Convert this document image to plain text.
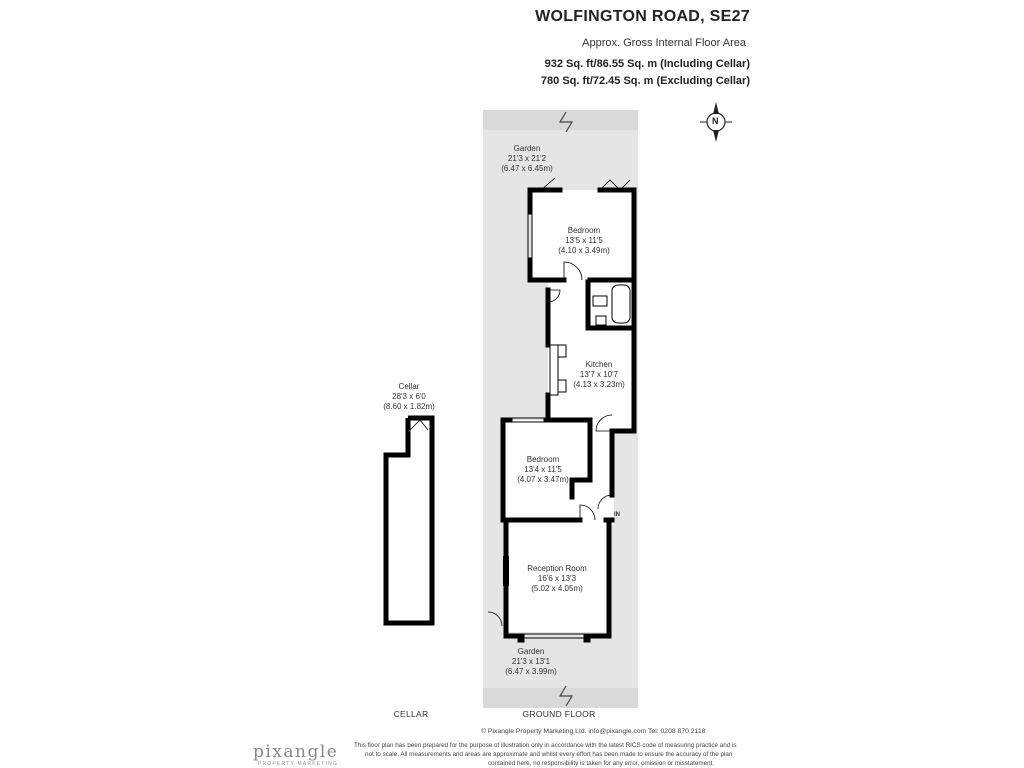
WOLFINGTON ROAD, SE27
Approx. Gross Internal Floor Area
932 Sq. ft/86.55 Sq. m (Including Cellar)
780 Sq. ft/72.45 Sq. m (Excluding Cellar)
N
Garden
21'3 x 21'2
(6.47 x 6.45m)
Bedroom
13'5 x 11'5
(4.10 x 3.49m)
Kitchen
13'7 x 10'7
(4.13 x 3.23m)
Bedroom
13'4 x 11'5
(4.07 x 3.47m)
Reception Room
16'6 x 13'3
(5.02 x 4.05m)
Garden
21'3 x 13'1
(6.47 x 3.99m)
Cellar
28'3 x 6'0
(8.60 x 1.82m)
IN
CELLAR	GROUND FLOOR
© Pixangle Property Marketing Ltd. info@pixangle.com Tel: 0208 870 2118
This floor plan has been prepared for the purpose of illustration only in accordance with the latest RICS code of measuring practice and is
not to scale. All measurements and areas are approximate and whilst every effort has been made to ensure the accuracy of the plan
contained here, no responsibility is taken for any error, omission or misstatement.
pixangle
PROPERTY MARKETING
